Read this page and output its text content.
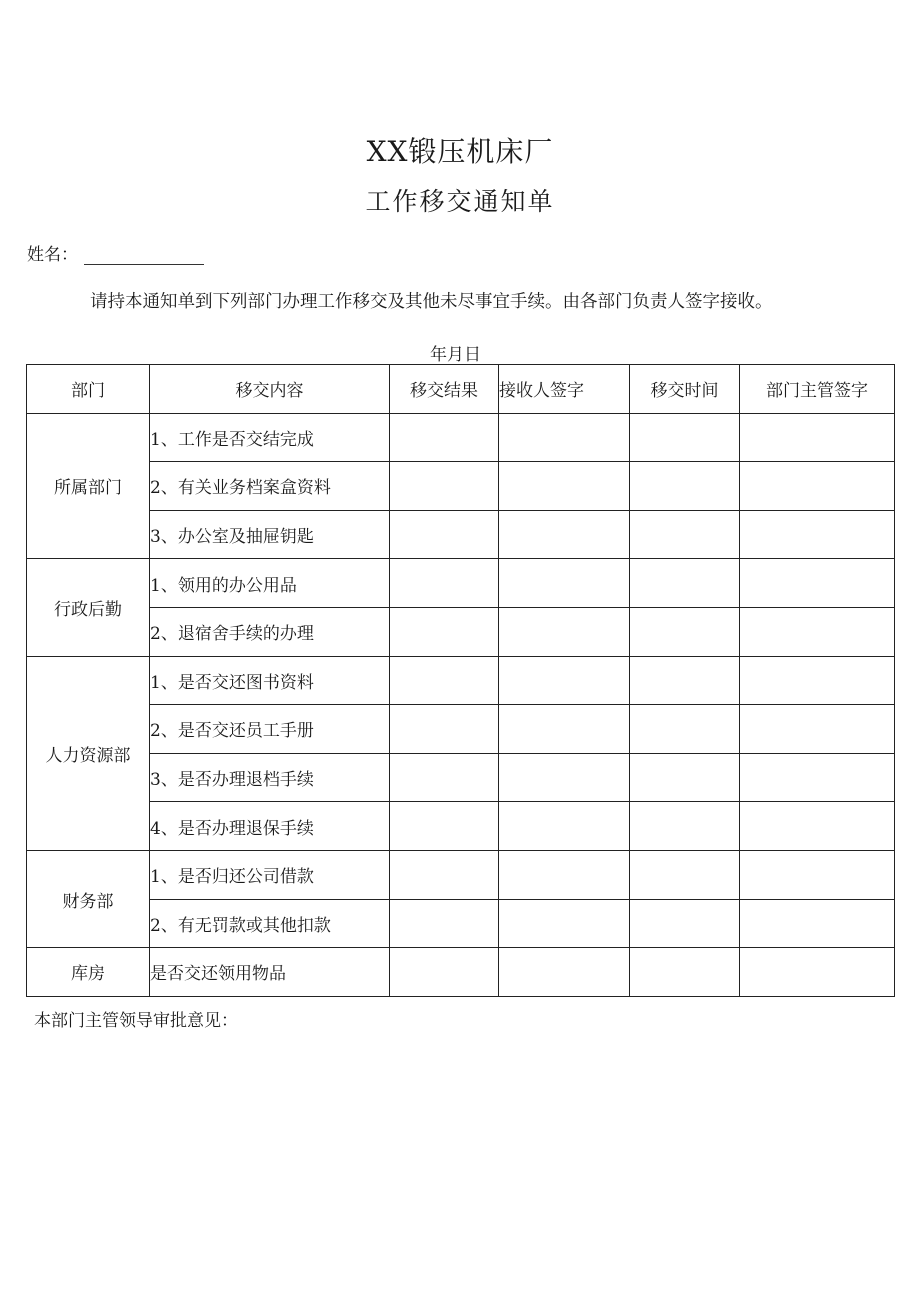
XX锻压机床厂
工作移交通知单
姓名：
请持本通知单到下列部门办理工作移交及其他未尽事宜手续。由各部门负责人签字接收。
年月日
部门	移交内容	移交结果	接收人签字	移交时间	部门主管签字
所属部门	1、工作是否交结完成				
	2、有关业务档案盒资料				
	3、办公室及抽屉钥匙				
行政后勤	1、领用的办公用品				
	2、退宿舍手续的办理				
人力资源部	1、是否交还图书资料				
	2、是否交还员工手册				
	3、是否办理退档手续				
	4、是否办理退保手续				
财务部	1、是否归还公司借款				
	2、有无罚款或其他扣款				
库房	是否交还领用物品				
本部门主管领导审批意见：
